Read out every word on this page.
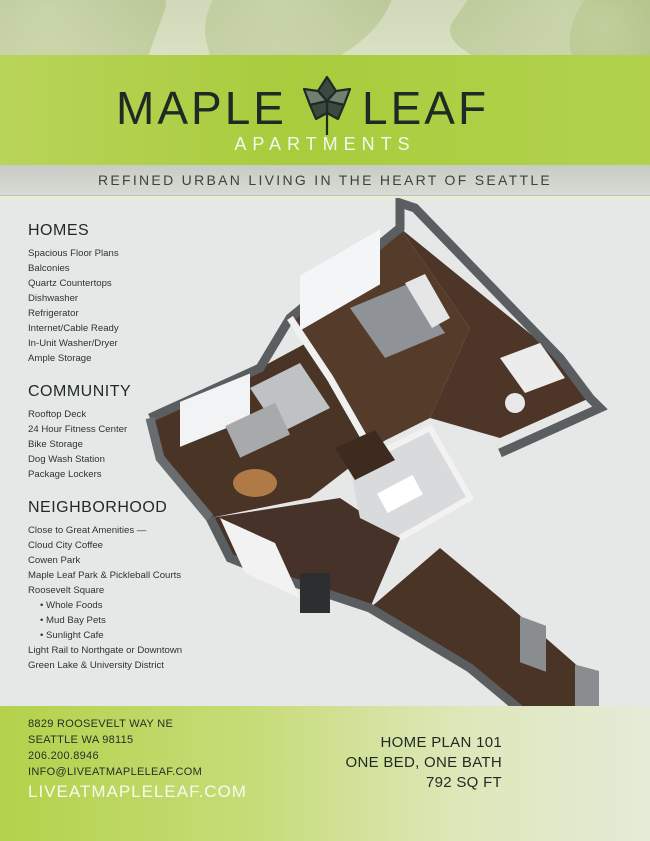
MAPLE LEAF
APARTMENTS
REFINED URBAN LIVING IN THE HEART OF SEATTLE
HOMES
Spacious Floor Plans
Balconies
Quartz Countertops
Dishwasher
Refrigerator
Internet/Cable Ready
In-Unit Washer/Dryer
Ample Storage
COMMUNITY
Rooftop Deck
24 Hour Fitness Center
Bike Storage
Dog Wash Station
Package Lockers
NEIGHBORHOOD
Close to Great Amenities —
Cloud City Coffee
Cowen Park
Maple Leaf Park & Pickleball Courts
Roosevelt Square
• Whole Foods
• Mud Bay Pets
• Sunlight Cafe
Light Rail to Northgate or Downtown
Green Lake & University District
8829 ROOSEVELT WAY NE
SEATTLE WA 98115
206.200.8946
INFO@LIVEATMAPLELEAF.COM
LIVEATMAPLELEAF.COM
HOME PLAN 101
ONE BED, ONE BATH
792 SQ FT
